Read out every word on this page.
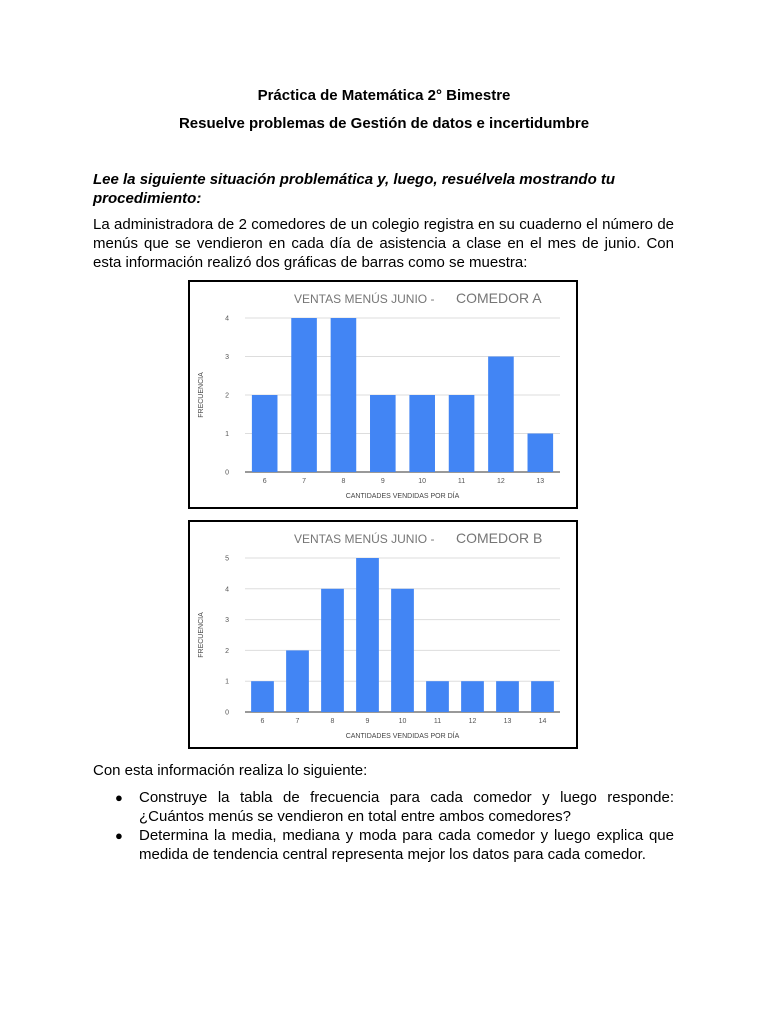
Práctica de Matemática 2° Bimestre
Resuelve problemas de Gestión de datos e incertidumbre
Lee la siguiente situación problemática y, luego, resuélvela mostrando tu procedimiento:
La administradora de 2 comedores de un colegio registra en su cuaderno el número de menús que se vendieron en cada día de asistencia a clase en el mes de junio. Con esta información realizó dos gráficas de barras como se muestra:
VENTAS MENÚS JUNIO - COMEDOR A
0
1
2
3
4
FRECUENCIA
6	7	8	9	10	11	12	13
CANTIDADES VENDIDAS POR DÍA
VENTAS MENÚS JUNIO - COMEDOR B
0
1
2
3
4
5
FRECUENCIA
6	7	8	9	10	11	12	13	14
CANTIDADES VENDIDAS POR DÍA
Con esta información realiza lo siguiente:
● Construye la tabla de frecuencia para cada comedor y luego responde: ¿Cuántos menús se vendieron en total entre ambos comedores?
● Determina la media, mediana y moda para cada comedor y luego explica que medida de tendencia central representa mejor los datos para cada comedor.
